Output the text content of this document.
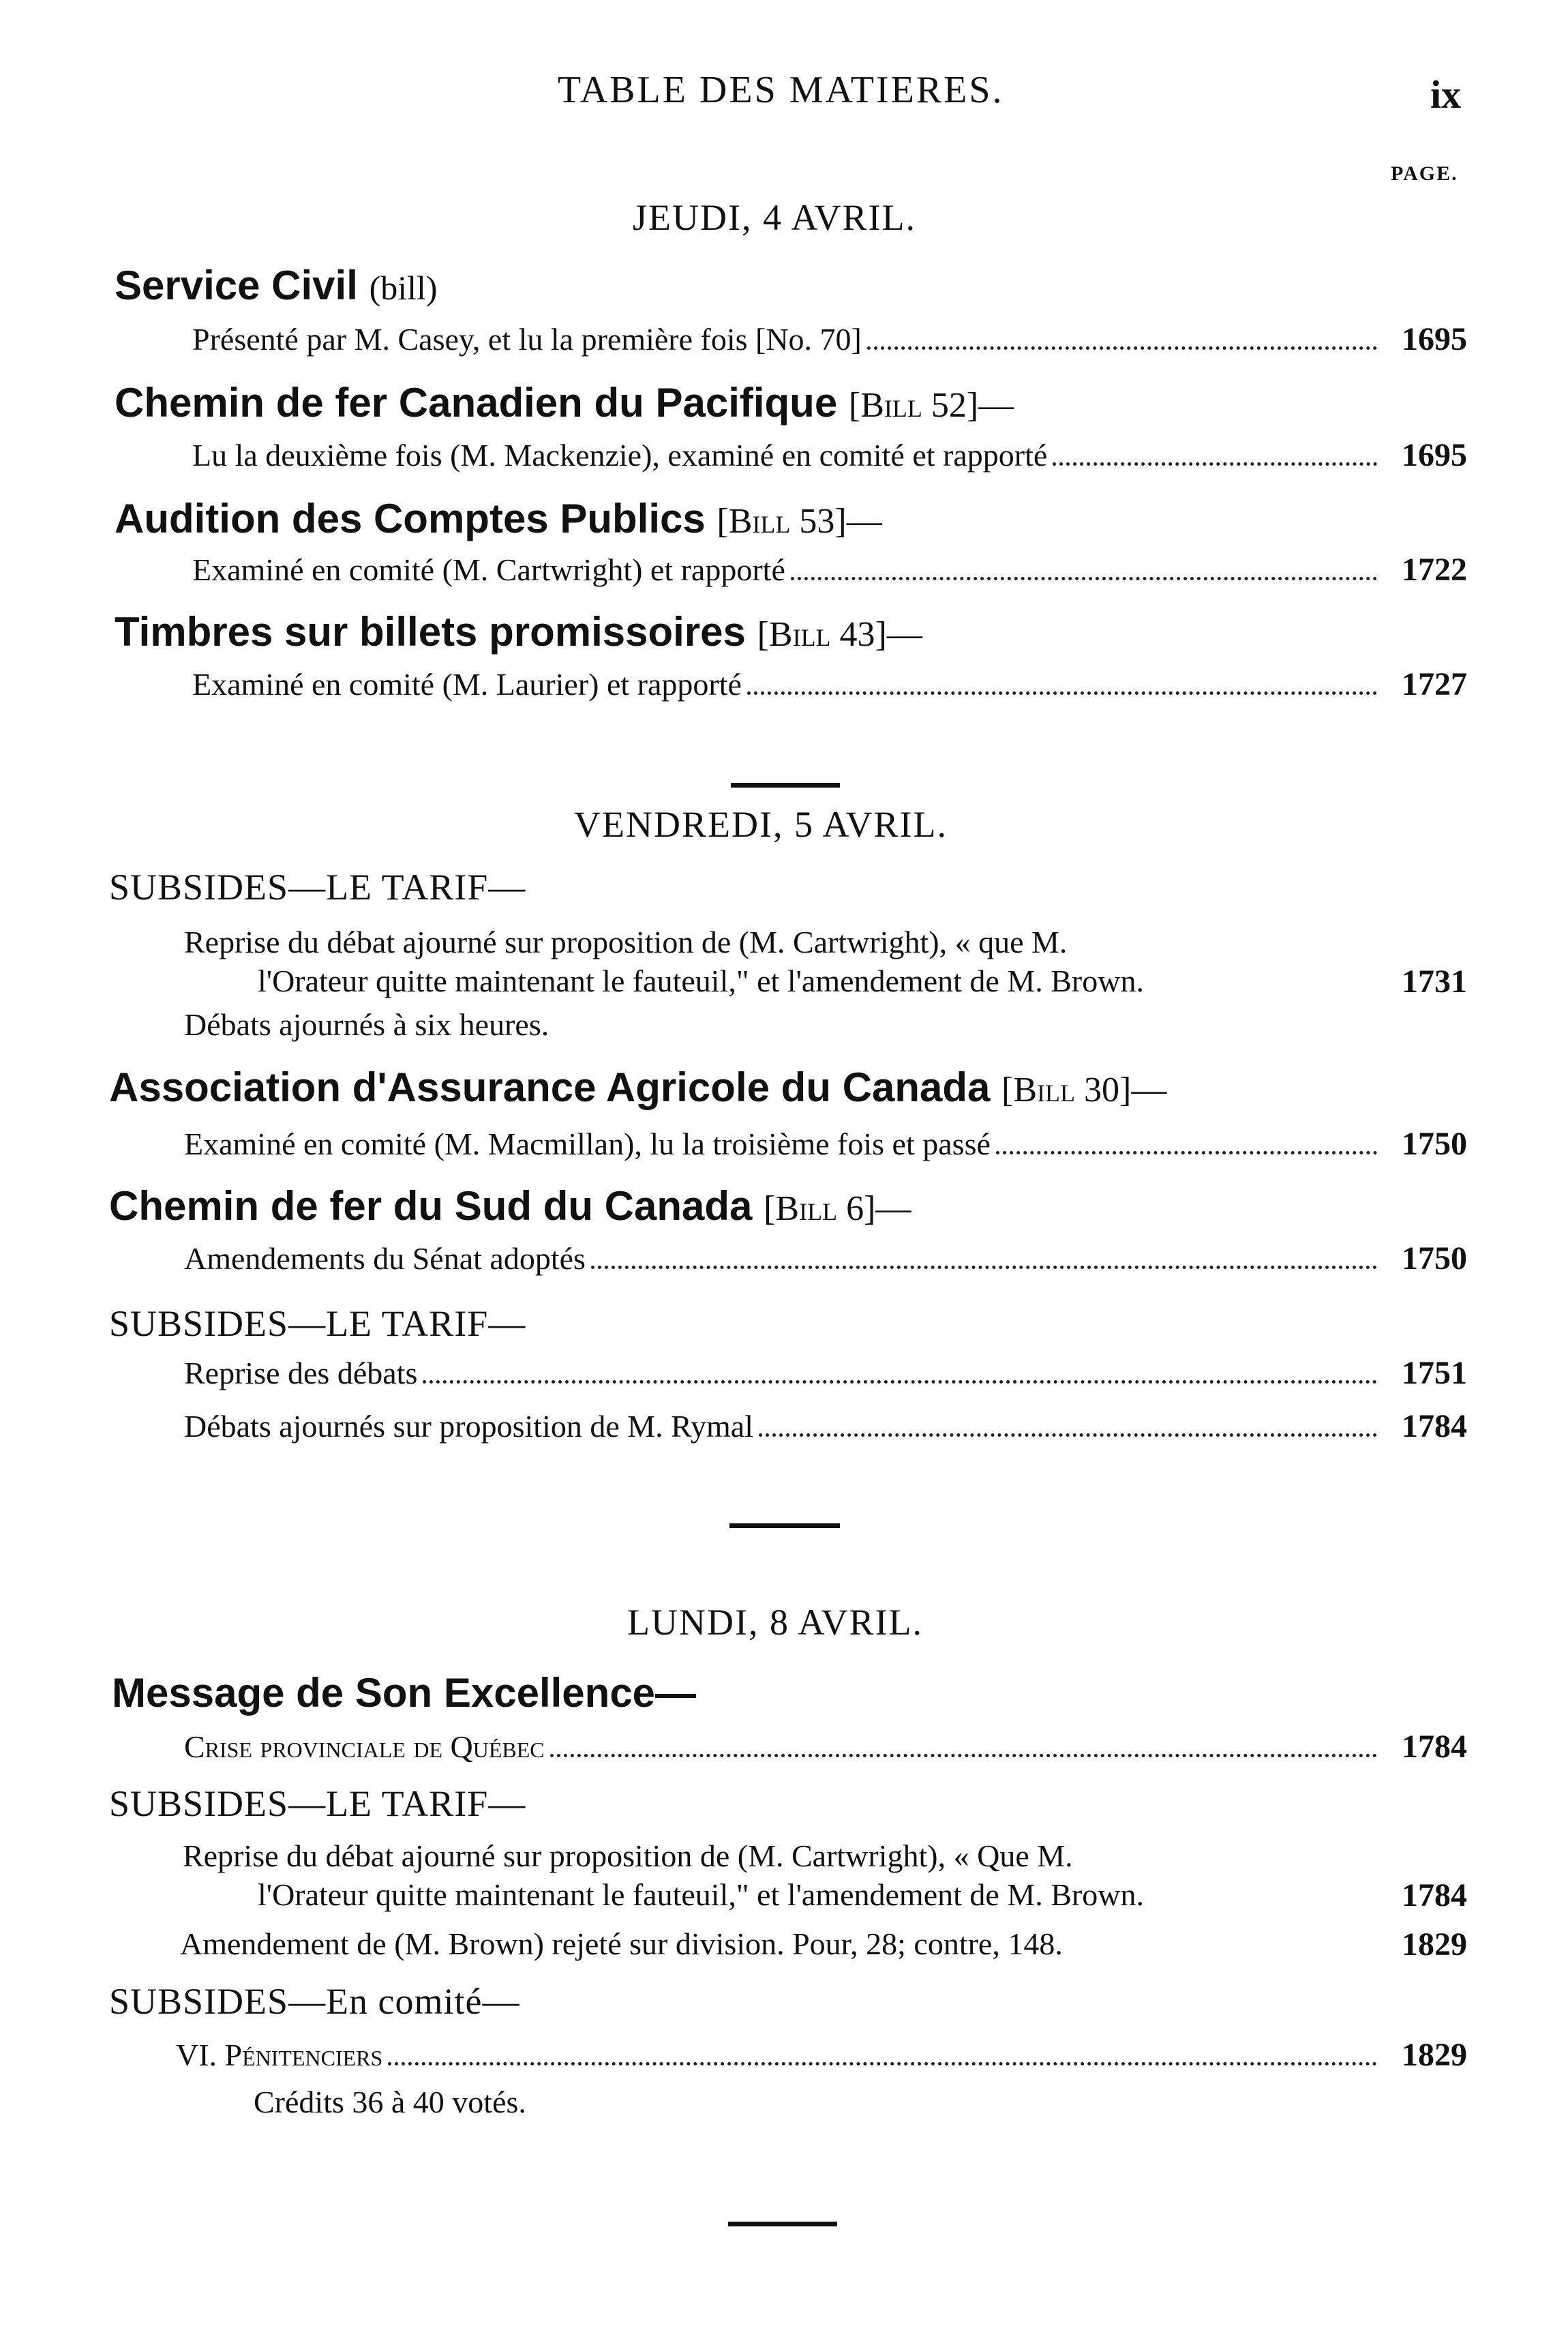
TABLE DES MATIERES.	ix
PAGE.
JEUDI, 4 AVRIL.
Service Civil (bill)
Présenté par M. Casey, et lu la première fois [No. 70]	1695
Chemin de fer Canadien du Pacifique [Bill 52]—
Lu la deuxième fois (M. Mackenzie), examiné en comité et rapporté	1695
Audition des Comptes Publics [Bill 53]—
Examiné en comité (M. Cartwright) et rapporté	1722
Timbres sur billets promissoires [Bill 43]—
Examiné en comité (M. Laurier) et rapporté	1727
VENDREDI, 5 AVRIL.
SUBSIDES—LE TARIF—
Reprise du débat ajourné sur proposition de (M. Cartwright), « que M.
l'Orateur quitte maintenant le fauteuil," et l'amendement de M. Brown.	1731
Débats ajournés à six heures.
Association d'Assurance Agricole du Canada [Bill 30]—
Examiné en comité (M. Macmillan), lu la troisième fois et passé	1750
Chemin de fer du Sud du Canada [Bill 6]—
Amendements du Sénat adoptés	1750
SUBSIDES—LE TARIF—
Reprise des débats	1751
Débats ajournés sur proposition de M. Rymal	1784
LUNDI, 8 AVRIL.
Message de Son Excellence—
Crise provinciale de Québec	1784
SUBSIDES—LE TARIF—
Reprise du débat ajourné sur proposition de (M. Cartwright), « Que M.
l'Orateur quitte maintenant le fauteuil," et l'amendement de M. Brown.	1784
Amendement de (M. Brown) rejeté sur division. Pour, 28; contre, 148.	1829
SUBSIDES—En comité—
VI. Pénitenciers	1829
Crédits 36 à 40 votés.
